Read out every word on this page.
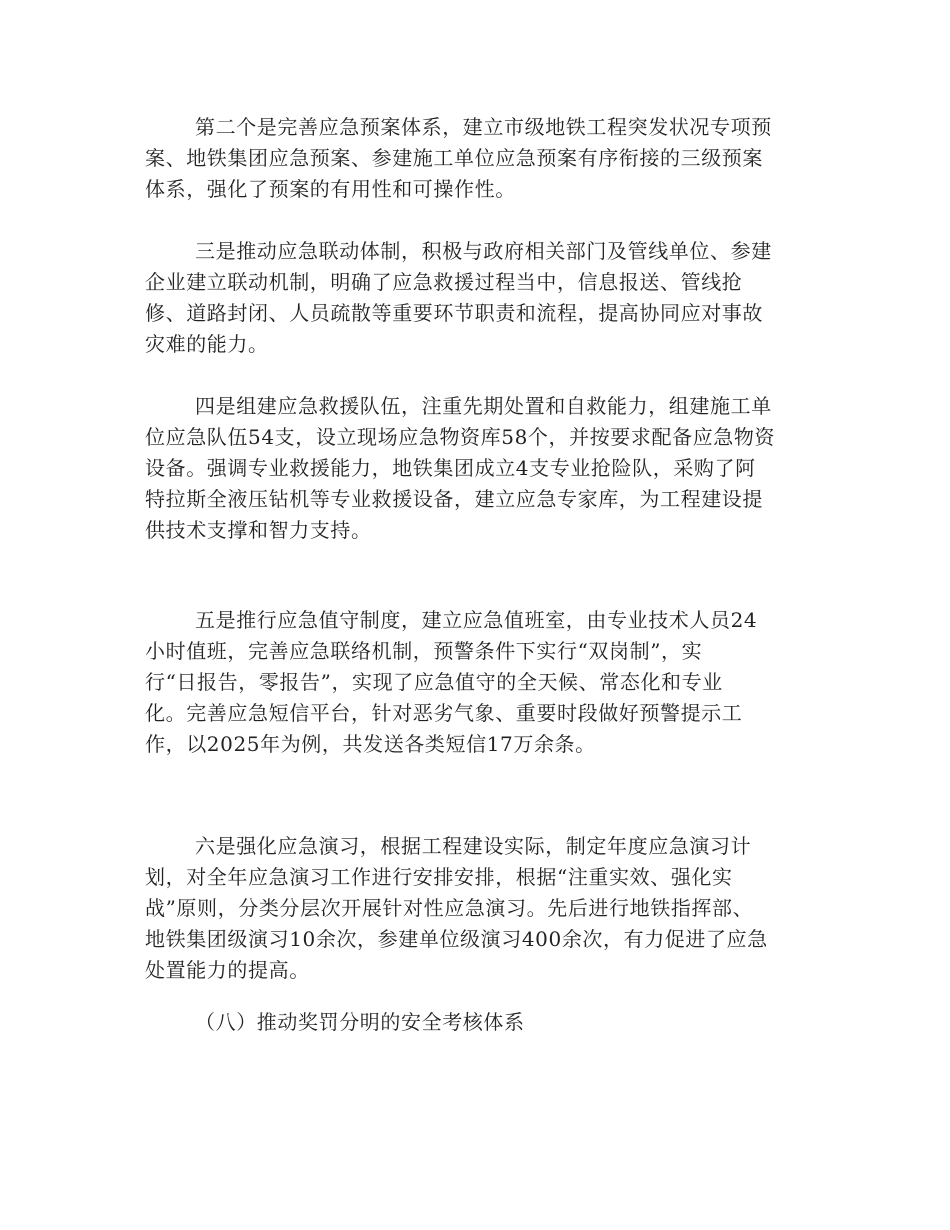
第二个是完善应急预案体系，建立市级地铁工程突发状况专项预
案、地铁集团应急预案、参建施工单位应急预案有序衔接的三级预案
体系，强化了预案的有用性和可操作性。
三是推动应急联动体制，积极与政府相关部门及管线单位、参建
企业建立联动机制，明确了应急救援过程当中，信息报送、管线抢
修、道路封闭、人员疏散等重要环节职责和流程，提高协同应对事故
灾难的能力。
四是组建应急救援队伍，注重先期处置和自救能力，组建施工单
位应急队伍54支，设立现场应急物资库58个，并按要求配备应急物资
设备。强调专业救援能力，地铁集团成立4支专业抢险队，采购了阿
特拉斯全液压钻机等专业救援设备，建立应急专家库，为工程建设提
供技术支撑和智力支持。
五是推行应急值守制度，建立应急值班室，由专业技术人员24
小时值班，完善应急联络机制，预警条件下实行“双岗制”，实
行“日报告，零报告”，实现了应急值守的全天候、常态化和专业
化。完善应急短信平台，针对恶劣气象、重要时段做好预警提示工
作，以2025年为例，共发送各类短信17万余条。
六是强化应急演习，根据工程建设实际，制定年度应急演习计
划，对全年应急演习工作进行安排安排，根据“注重实效、强化实
战”原则，分类分层次开展针对性应急演习。先后进行地铁指挥部、
地铁集团级演习10余次，参建单位级演习400余次，有力促进了应急
处置能力的提高。
（八）推动奖罚分明的安全考核体系
